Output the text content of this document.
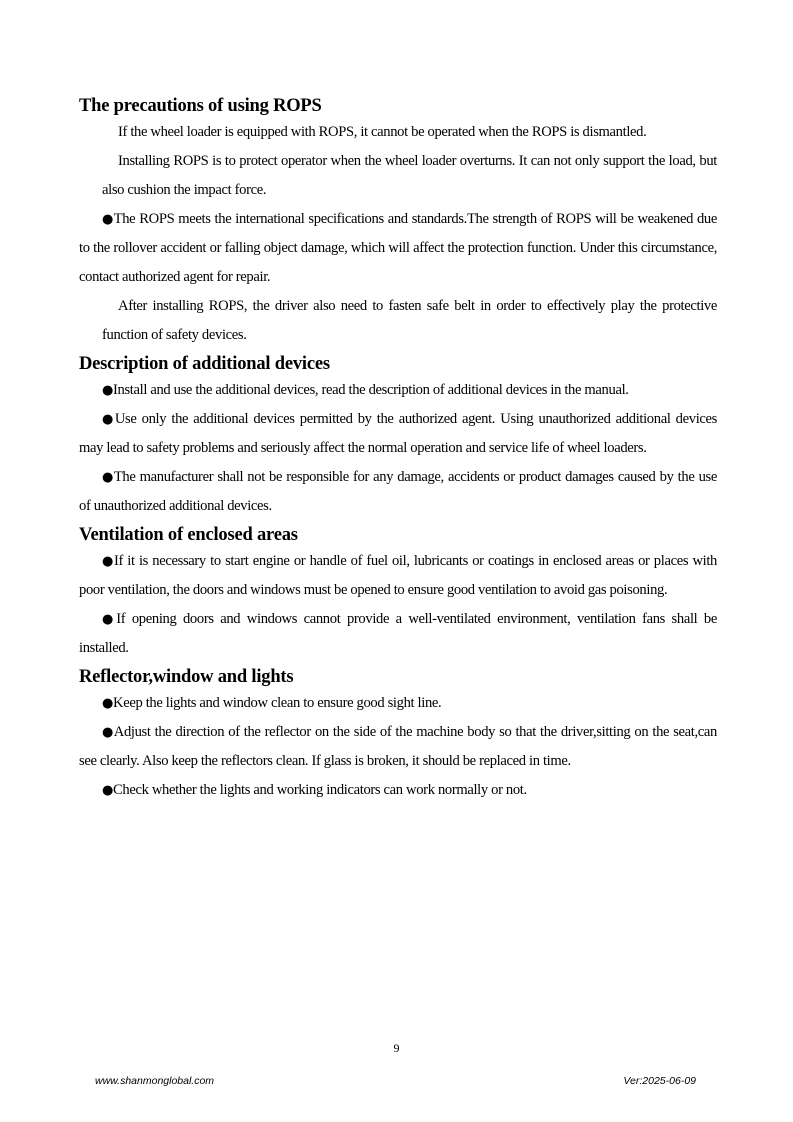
The precautions of using ROPS

If the wheel loader is equipped with ROPS, it cannot be operated when the ROPS is dismantled.

Installing ROPS is to protect operator when the wheel loader overturns. It can not only support the load, but also cushion the impact force.

●The ROPS meets the international specifications and standards.The strength of ROPS will be weakened due to the rollover accident or falling object damage, which will affect the protection function. Under this circumstance, contact authorized agent for repair.

After installing ROPS, the driver also need to fasten safe belt in order to effectively play the protective function of safety devices.

Description of additional devices

●Install and use the additional devices, read the description of additional devices in the manual.

●Use only the additional devices permitted by the authorized agent. Using unauthorized additional devices may lead to safety problems and seriously affect the normal operation and service life of wheel loaders.

●The manufacturer shall not be responsible for any damage, accidents or product damages caused by the use of unauthorized additional devices.

Ventilation of enclosed areas

●If it is necessary to start engine or handle of fuel oil, lubricants or coatings in enclosed areas or places with poor ventilation, the doors and windows must be opened to ensure good ventilation to avoid gas poisoning.

●If opening doors and windows cannot provide a well-ventilated environment, ventilation fans shall be installed.

Reflector,window and lights

●Keep the lights and window clean to ensure good sight line.

●Adjust the direction of the reflector on the side of the machine body so that the driver,sitting on the seat,can see clearly. Also keep the reflectors clean. If glass is broken, it should be replaced in time.

●Check whether the lights and working indicators can work normally or not.

9
www.shanmonglobal.com	Ver:2025-06-09
